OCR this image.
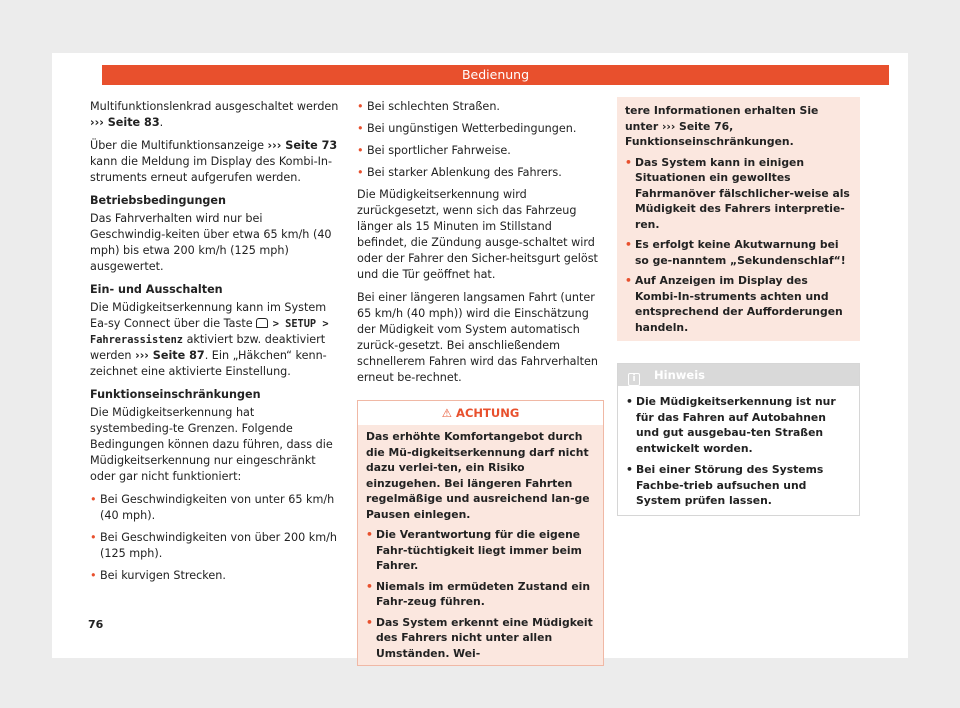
Bedienung

Multifunktionslenkrad ausgeschaltet werden ››› Seite 83.

Über die Multifunktionsanzeige ››› Seite 73 kann die Meldung im Display des Kombi-In-struments erneut aufgerufen werden.

Betriebsbedingungen

Das Fahrverhalten wird nur bei Geschwindig-keiten über etwa 65 km/h (40 mph) bis etwa 200 km/h (125 mph) ausgewertet.

Ein- und Ausschalten

Die Müdigkeitserkennung kann im System Ea-sy Connect über die Taste > SETUP > Fahrerassistenz aktiviert bzw. deaktiviert werden ››› Seite 87. Ein „Häkchen“ kenn-zeichnet eine aktivierte Einstellung.

Funktionseinschränkungen

Die Müdigkeitserkennung hat systembeding-te Grenzen. Folgende Bedingungen können dazu führen, dass die Müdigkeitserkennung nur eingeschränkt oder gar nicht funktioniert:

• Bei Geschwindigkeiten von unter 65 km/h (40 mph).
• Bei Geschwindigkeiten von über 200 km/h (125 mph).
• Bei kurvigen Strecken.
• Bei schlechten Straßen.
• Bei ungünstigen Wetterbedingungen.
• Bei sportlicher Fahrweise.
• Bei starker Ablenkung des Fahrers.

Die Müdigkeitserkennung wird zurückgesetzt, wenn sich das Fahrzeug länger als 15 Minuten im Stillstand befindet, die Zündung ausge-schaltet wird oder der Fahrer den Sicher-heitsgurt gelöst und die Tür geöffnet hat.

Bei einer längeren langsamen Fahrt (unter 65 km/h (40 mph)) wird die Einschätzung der Müdigkeit vom System automatisch zurück-gesetzt. Bei anschließendem schnellerem Fahren wird das Fahrverhalten erneut be-rechnet.

⚠ ACHTUNG

Das erhöhte Komfortangebot durch die Mü-digkeitserkennung darf nicht dazu verlei-ten, ein Risiko einzugehen. Bei längeren Fahrten regelmäßige und ausreichend lan-ge Pausen einlegen.

• Die Verantwortung für die eigene Fahr-tüchtigkeit liegt immer beim Fahrer.
• Niemals im ermüdeten Zustand ein Fahr-zeug führen.
• Das System erkennt eine Müdigkeit des Fahrers nicht unter allen Umständen. Wei-

tere Informationen erhalten Sie unter ››› Seite 76, Funktionseinschränkungen.

• Das System kann in einigen Situationen ein gewolltes Fahrmanöver fälschlicher-weise als Müdigkeit des Fahrers interpretie-ren.
• Es erfolgt keine Akutwarnung bei so ge-nanntem „Sekundenschlaf“!
• Auf Anzeigen im Display des Kombi-In-struments achten und entsprechend der Aufforderungen handeln.
i Hinweis
• Die Müdigkeitserkennung ist nur für das Fahren auf Autobahnen und gut ausgebau-ten Straßen entwickelt worden.
• Bei einer Störung des Systems Fachbe-trieb aufsuchen und System prüfen lassen.
76
